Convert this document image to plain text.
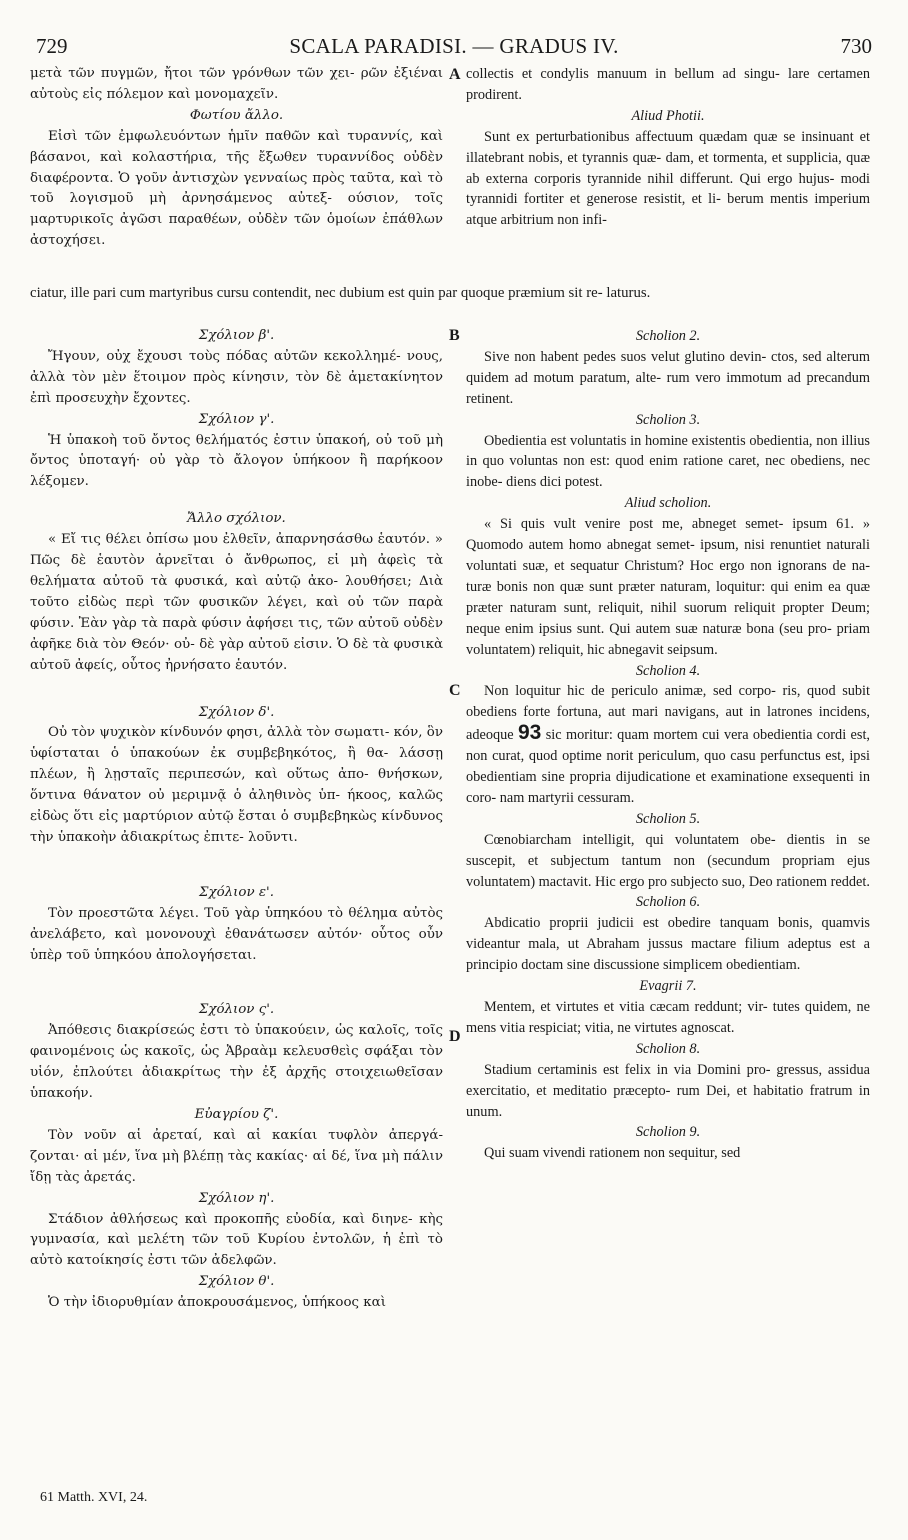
729	SCALA PARADISI. — GRADUS IV.	730

μετὰ τῶν πυγμῶν, ἤτοι τῶν γρόνθων τῶν χει- ρῶν ἐξιέναι αὐτοὺς εἰς πόλεμον καὶ μονομαχεῖν.

Φωτίου ἄλλο.

Εἰσὶ τῶν ἐμφωλευόντων ἡμῖν παθῶν καὶ τυραννίς, καὶ βάσανοι, καὶ κολαστήρια, τῆς ἔξωθεν τυραννίδος οὐδὲν διαφέροντα. Ὁ γοῦν ἀντισχὼν γενναίως πρὸς ταῦτα, καὶ τὸ τοῦ λογισμοῦ μὴ ἀρνησάμενος αὐτεξ- ούσιον, τοῖς μαρτυρικοῖς ἀγῶσι παραθέων, οὐδὲν τῶν ὁμοίων ἐπάθλων ἀστοχήσει.

collectis et condylis manuum in bellum ad singu- lare certamen prodirent.

Aliud Photii.

Sunt ex perturbationibus affectuum quædam quæ se insinuant et illatebrant nobis, et tyrannis quæ- dam, et tormenta, et supplicia, quæ ab externa corporis tyrannide nihil differunt. Qui ergo hujus- modi tyrannidi fortiter et generose resistit, et li- berum mentis imperium atque arbitrium non infi-

ciatur, ille pari cum martyribus cursu contendit, nec dubium est quin par quoque præmium sit re- laturus.

Σχόλιον β'.

Ἤγουν, οὐχ ἔχουσι τοὺς πόδας αὐτῶν κεκολλημέ- νους, ἀλλὰ τὸν μὲν ἕτοιμον πρὸς κίνησιν, τὸν δὲ ἀμετακίνητον ἐπὶ προσευχὴν ἔχοντες.

Σχόλιον γ'.

Ἡ ὑπακοὴ τοῦ ὄντος θελήματός ἐστιν ὑπακοή, οὐ τοῦ μὴ ὄντος ὑποταγή· οὐ γὰρ τὸ ἄλογον ὑπήκοον ἢ παρήκοον λέξομεν.

Ἄλλο σχόλιον.

« Εἴ τις θέλει ὀπίσω μου ἐλθεῖν, ἀπαρνησάσθω ἑαυτόν. » Πῶς δὲ ἑαυτὸν ἀρνεῖται ὁ ἄνθρωπος, εἰ μὴ ἀφεὶς τὰ θελήματα αὐτοῦ τὰ φυσικά, καὶ αὐτῷ ἀκο- λουθήσει; Διὰ τοῦτο εἰδὼς περὶ τῶν φυσικῶν λέγει, καὶ οὐ τῶν παρὰ φύσιν. Ἐὰν γὰρ τὰ παρὰ φύσιν ἀφήσει τις, τῶν αὐτοῦ οὐδὲν ἀφῆκε διὰ τὸν Θεόν· οὐ- δὲ γὰρ αὐτοῦ εἰσιν. Ὁ δὲ τὰ φυσικὰ αὐτοῦ ἀφείς, οὗτος ἠρνήσατο ἑαυτόν.

Σχόλιον δ'.

Οὐ τὸν ψυχικὸν κίνδυνόν φησι, ἀλλὰ τὸν σωματι- κόν, ὃν ὑφίσταται ὁ ὑπακούων ἐκ συμβεβηκότος, ἢ θα- λάσσῃ πλέων, ἢ λῃσταῖς περιπεσών, καὶ οὕτως ἀπο- θνήσκων, ὅντινα θάνατον οὐ μεριμνᾷ ὁ ἀληθινὸς ὑπ- ήκοος, καλῶς εἰδὼς ὅτι εἰς μαρτύριον αὐτῷ ἔσται ὁ συμβεβηκὼς κίνδυνος τὴν ὑπακοὴν ἀδιακρίτως ἐπιτε- λοῦντι.

Σχόλιον ε'.

Τὸν προεστῶτα λέγει. Τοῦ γὰρ ὑπηκόου τὸ θέλημα αὐτὸς ἀνελάβετο, καὶ μονονουχὶ ἐθανάτωσεν αὐτόν· οὗτος οὖν ὑπὲρ τοῦ ὑπηκόου ἀπολογήσεται.

Σχόλιον ς'.

Ἀπόθεσις διακρίσεώς ἐστι τὸ ὑπακούειν, ὡς καλοῖς, τοῖς φαινομένοις ὡς κακοῖς, ὡς Ἀβραὰμ κελευσθεὶς σφάξαι τὸν υἱόν, ἐπλούτει ἀδιακρίτως τὴν ἐξ ἀρχῆς στοιχειωθεῖσαν ὑπακοήν.

Εὐαγρίου ζ'.

Τὸν νοῦν αἱ ἀρεταί, καὶ αἱ κακίαι τυφλὸν ἀπεργά- ζονται· αἱ μέν, ἵνα μὴ βλέπῃ τὰς κακίας· αἱ δέ, ἵνα μὴ πάλιν ἴδῃ τὰς ἀρετάς.

Σχόλιον η'.

Στάδιον ἀθλήσεως καὶ προκοπῆς εὐοδία, καὶ διηνε- κὴς γυμνασία, καὶ μελέτη τῶν τοῦ Κυρίου ἐντολῶν, ἡ ἐπὶ τὸ αὐτὸ κατοίκησίς ἐστι τῶν ἀδελφῶν.

Σχόλιον θ'.

Ὁ τὴν ἰδιορυθμίαν ἀποκρουσάμενος, ὑπήκοος καὶ

Scholion 2.

Sive non habent pedes suos velut glutino devin- ctos, sed alterum quidem ad motum paratum, alte- rum vero immotum ad precandum retinent.

Scholion 3.

Obedientia est voluntatis in homine existentis obedientia, non illius in quo voluntas non est: quod enim ratione caret, nec obediens, nec inobe- diens dici potest.

Aliud scholion.

« Si quis vult venire post me, abneget semet- ipsum 61. » Quomodo autem homo abnegat semet- ipsum, nisi renuntiet naturali voluntati suæ, et sequatur Christum? Hoc ergo non ignorans de na- turæ bonis non quæ sunt præter naturam, loquitur: qui enim ea quæ præter naturam sunt, reliquit, nihil suorum reliquit propter Deum; neque enim ipsius sunt. Qui autem suæ naturæ bona (seu pro- priam voluntatem) reliquit, hic abnegavit seipsum.

Scholion 4.

Non loquitur hic de periculo animæ, sed corpo- ris, quod subit obediens forte fortuna, aut mari navigans, aut in latrones incidens, adeoque 93 sic moritur: quam mortem cui vera obedientia cordi est, non curat, quod optime norit periculum, quo casu perfunctus est, ipsi obedientiam sine propria dijudicatione et examinatione exsequenti in coro- nam martyrii cessuram.

Scholion 5.

Cœnobiarcham intelligit, qui voluntatem obe- dientis in se suscepit, et subjectum tantum non (secundum propriam ejus voluntatem) mactavit. Hic ergo pro subjecto suo, Deo rationem reddet.

Scholion 6.

Abdicatio proprii judicii est obedire tanquam bonis, quamvis videantur mala, ut Abraham jussus mactare filium adeptus est a principio doctam sine discussione simplicem obedientiam.

Evagrii 7.

Mentem, et virtutes et vitia cæcam reddunt; vir- tutes quidem, ne mens vitia respiciat; vitia, ne virtutes agnoscat.

Scholion 8.

Stadium certaminis est felix in via Domini pro- gressus, assidua exercitatio, et meditatio præcepto- rum Dei, et habitatio fratrum in unum.

Scholion 9.

Qui suam vivendi rationem non sequitur, sed

A
B
C
D
61 Matth. XVI, 24.
